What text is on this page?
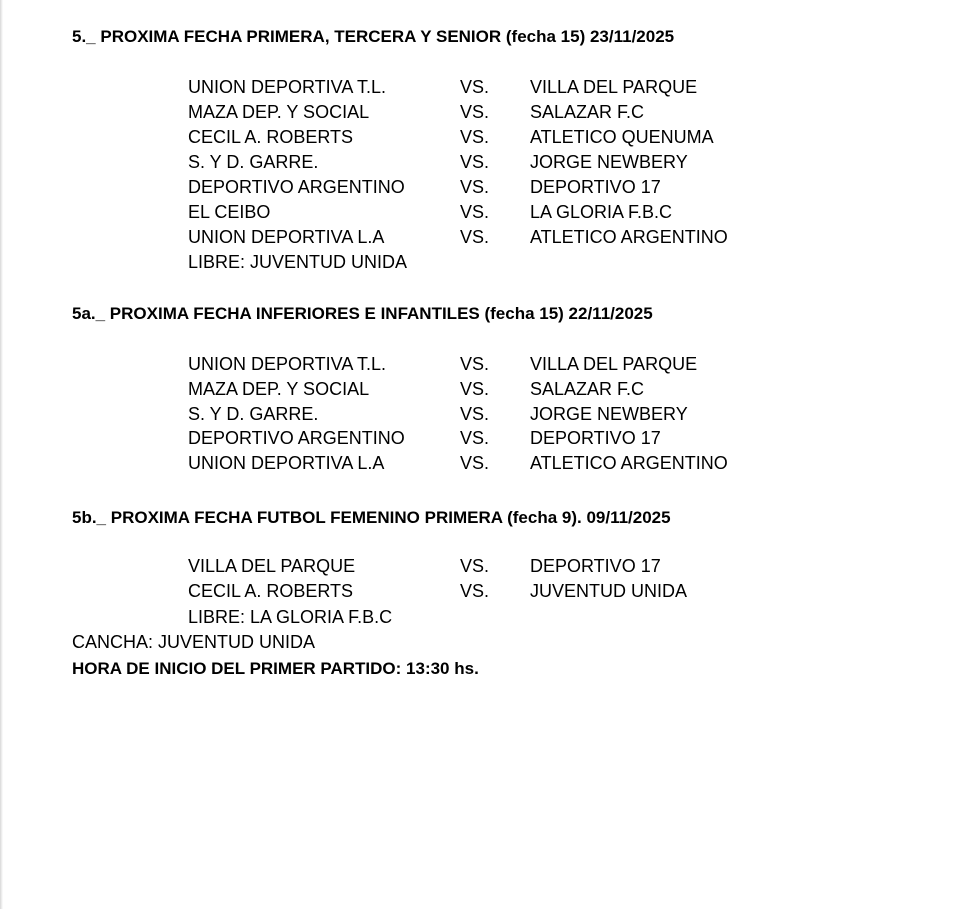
5._ PROXIMA FECHA PRIMERA, TERCERA Y SENIOR (fecha 15) 23/11/2025
UNION DEPORTIVA T.L.	VS. VILLA DEL PARQUE
MAZA DEP. Y SOCIAL	VS. SALAZAR F.C
CECIL A. ROBERTS	VS. ATLETICO QUENUMA
S. Y D. GARRE.	VS. JORGE NEWBERY
DEPORTIVO ARGENTINO	VS. DEPORTIVO 17
EL CEIBO	VS. LA GLORIA F.B.C
UNION DEPORTIVA L.A	VS. ATLETICO ARGENTINO
LIBRE: JUVENTUD UNIDA
5a._ PROXIMA FECHA INFERIORES E INFANTILES (fecha 15) 22/11/2025
UNION DEPORTIVA T.L.	VS. VILLA DEL PARQUE
MAZA DEP. Y SOCIAL	VS. SALAZAR F.C
S. Y D. GARRE.	VS. JORGE NEWBERY
DEPORTIVO ARGENTINO	VS. DEPORTIVO 17
UNION DEPORTIVA L.A	VS. ATLETICO ARGENTINO
5b._ PROXIMA FECHA FUTBOL FEMENINO PRIMERA (fecha 9). 09/11/2025
VILLA DEL PARQUE	VS. DEPORTIVO 17
CECIL A. ROBERTS	VS. JUVENTUD UNIDA
LIBRE: LA GLORIA F.B.C
CANCHA: JUVENTUD UNIDA
HORA DE INICIO DEL PRIMER PARTIDO: 13:30 hs.
